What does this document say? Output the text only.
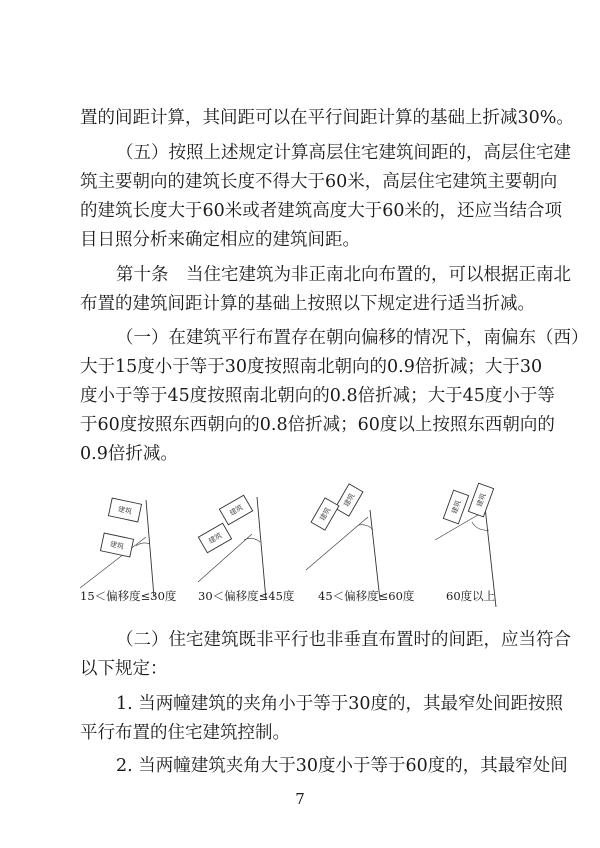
置的间距计算，其间距可以在平行间距计算的基础上折减30%。
（五）按照上述规定计算高层住宅建筑间距的，高层住宅建
筑主要朝向的建筑长度不得大于60米，高层住宅建筑主要朝向
的建筑长度大于60米或者建筑高度大于60米的，还应当结合项
目日照分析来确定相应的建筑间距。
第十条　当住宅建筑为非正南北向布置的，可以根据正南北
布置的建筑间距计算的基础上按照以下规定进行适当折减。
（一）在建筑平行布置存在朝向偏移的情况下，南偏东（西）
大于15度小于等于30度按照南北朝向的0.9倍折减；大于30
度小于等于45度按照南北朝向的0.8倍折减；大于45度小于等
于60度按照东西朝向的0.8倍折减；60度以上按照东西朝向的
0.9倍折减。
建筑
建筑
建筑
建筑
建筑
建筑
建筑
建筑
15＜偏移度≤30度 30＜偏移度≤45度 45＜偏移度≤60度	60度以上
（二）住宅建筑既非平行也非垂直布置时的间距，应当符合
以下规定：
1. 当两幢建筑的夹角小于等于30度的，其最窄处间距按照
平行布置的住宅建筑控制。
2. 当两幢建筑夹角大于30度小于等于60度的，其最窄处间
7
